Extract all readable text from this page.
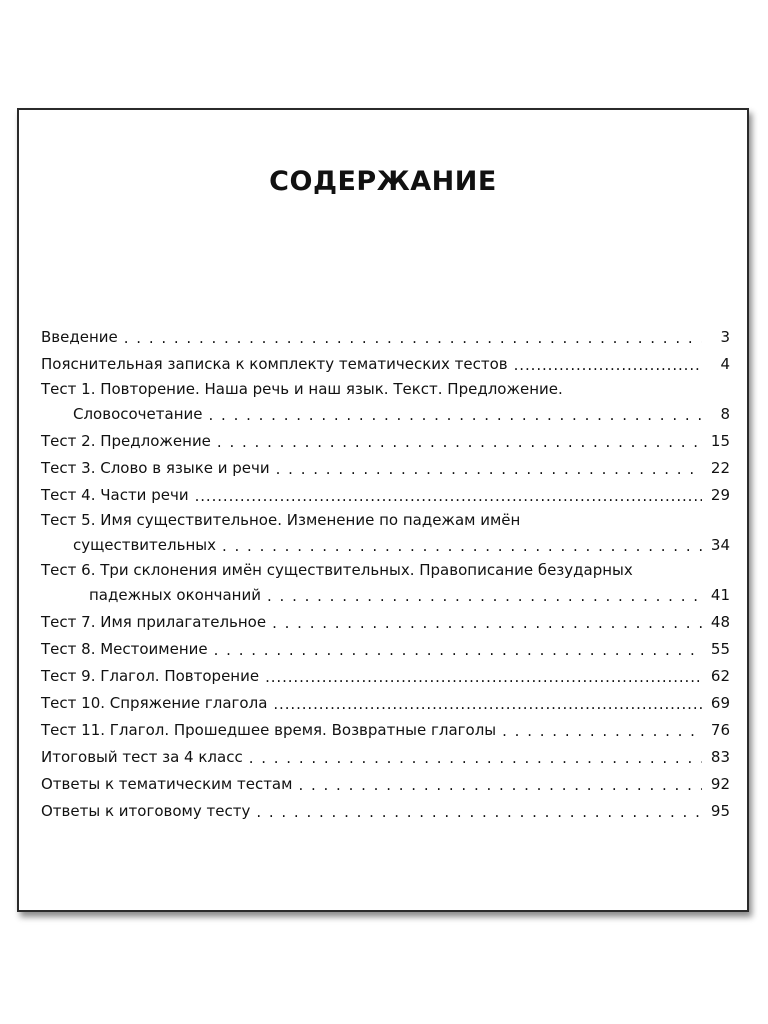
СОДЕРЖАНИЕ
Введение . . .	3
Пояснительная записка к комплекту тематических тестов .....	4
Тест 1. Повторение. Наша речь и наш язык. Текст. Предложение.
Словосочетание . . .	8
Тест 2. Предложение . . .	15
Тест 3. Слово в языке и речи . . .	22
Тест 4. Части речи .....	29
Тест 5. Имя существительное. Изменение по падежам имён
существительных . . .	34
Тест 6. Три склонения имён существительных. Правописание безударных
падежных окончаний . . .	41
Тест 7. Имя прилагательное . . .	48
Тест 8. Местоимение . . .	55
Тест 9. Глагол. Повторение .....	62
Тест 10. Спряжение глагола .....	69
Тест 11. Глагол. Прошедшее время. Возвратные глаголы . . .	76
Итоговый тест за 4 класс . . .	83
Ответы к тематическим тестам . . .	92
Ответы к итоговому тесту . . .	95
